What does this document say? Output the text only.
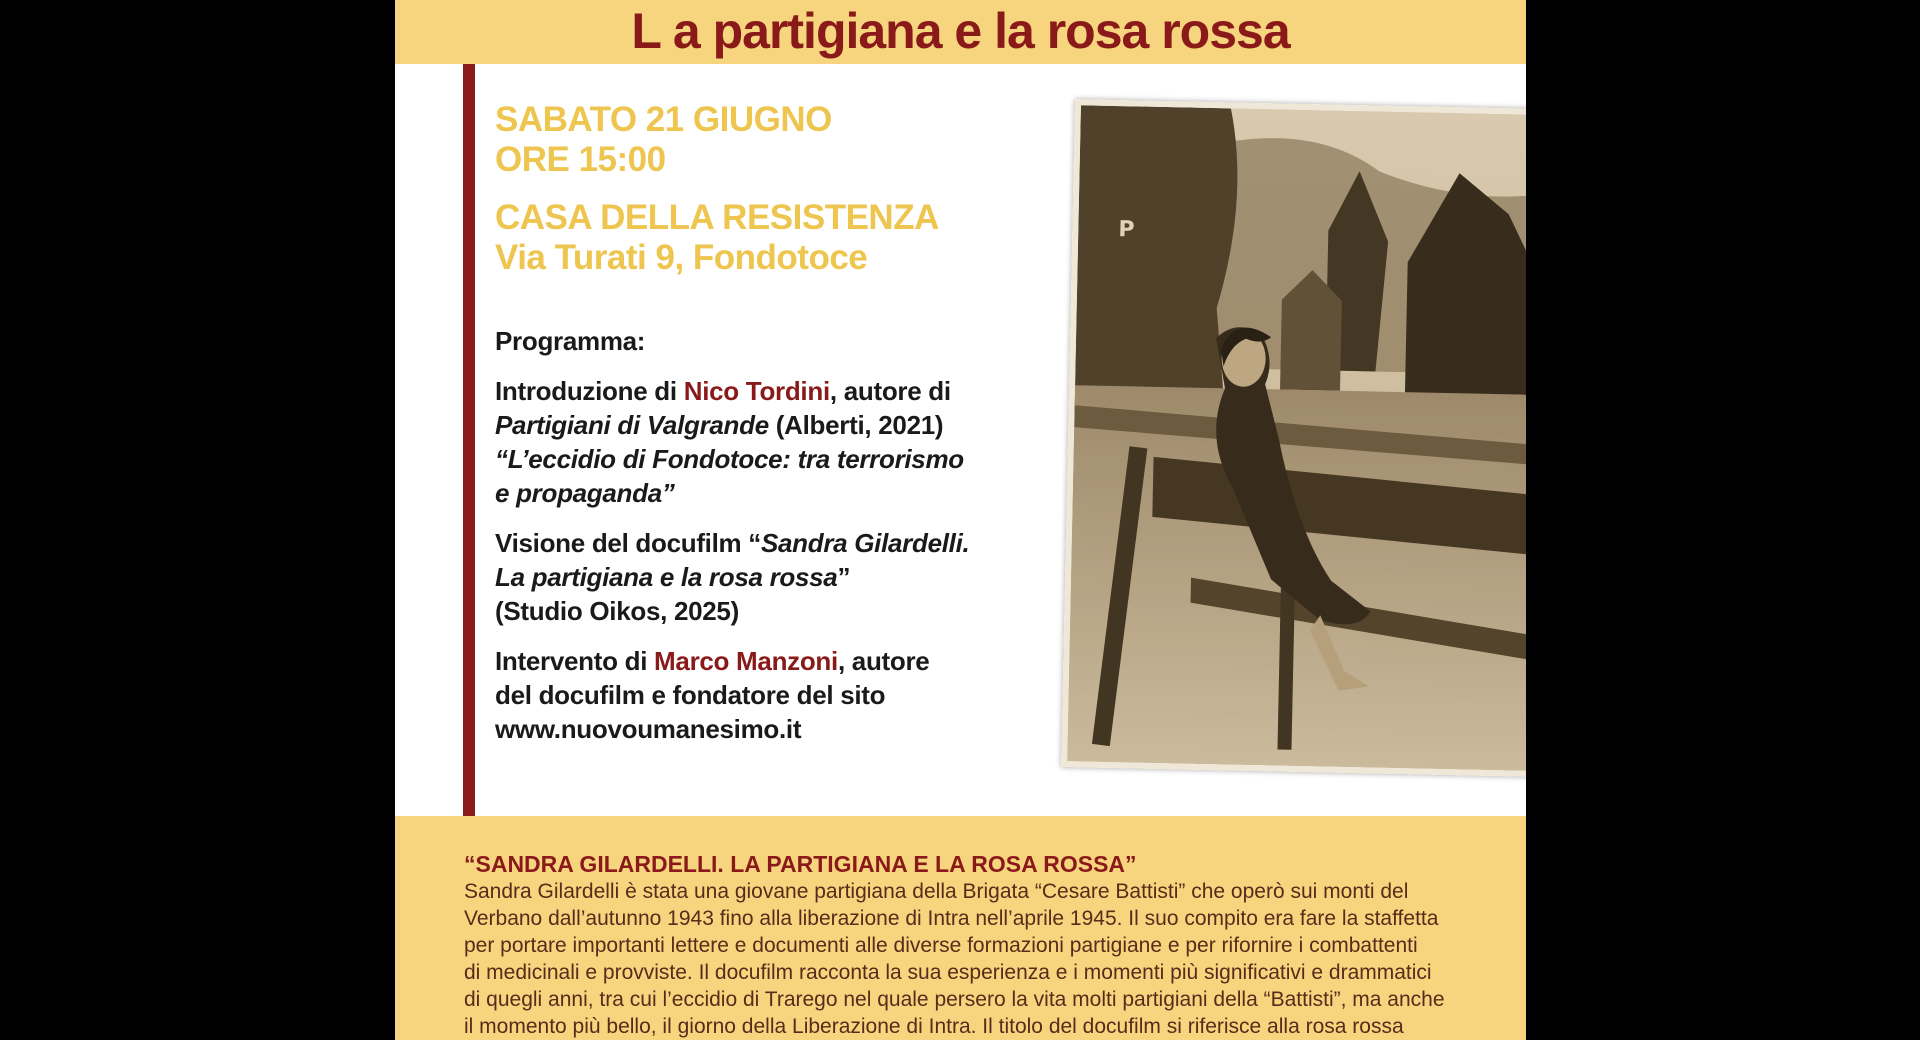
L a partigiana e la rosa rossa
SABATO 21 GIUGNO
ORE 15:00
CASA DELLA RESISTENZA
Via Turati 9, Fondotoce

Programma:

Introduzione di Nico Tordini, autore di

Partigiani di Valgrande (Alberti, 2021)

“L’eccidio di Fondotoce: tra terrorismo

e propaganda”

Visione del docufilm “Sandra Gilardelli.

La partigiana e la rosa rossa”

(Studio Oikos, 2025)

Intervento di Marco Manzoni, autore

del docufilm e fondatore del sito

www.nuovoumanesimo.it

P
“SANDRA GILARDELLI. LA PARTIGIANA E LA ROSA ROSSA”
Sandra Gilardelli è stata una giovane partigiana della Brigata “Cesare Battisti” che operò sui monti del
Verbano dall’autunno 1943 fino alla liberazione di Intra nell’aprile 1945. Il suo compito era fare la staffetta
per portare importanti lettere e documenti alle diverse formazioni partigiane e per rifornire i combattenti
di medicinali e provviste. Il docufilm racconta la sua esperienza e i momenti più significativi e drammatici
di quegli anni, tra cui l’eccidio di Trarego nel quale persero la vita molti partigiani della “Battisti”, ma anche
il momento più bello, il giorno della Liberazione di Intra. Il titolo del docufilm si riferisce alla rosa rossa
